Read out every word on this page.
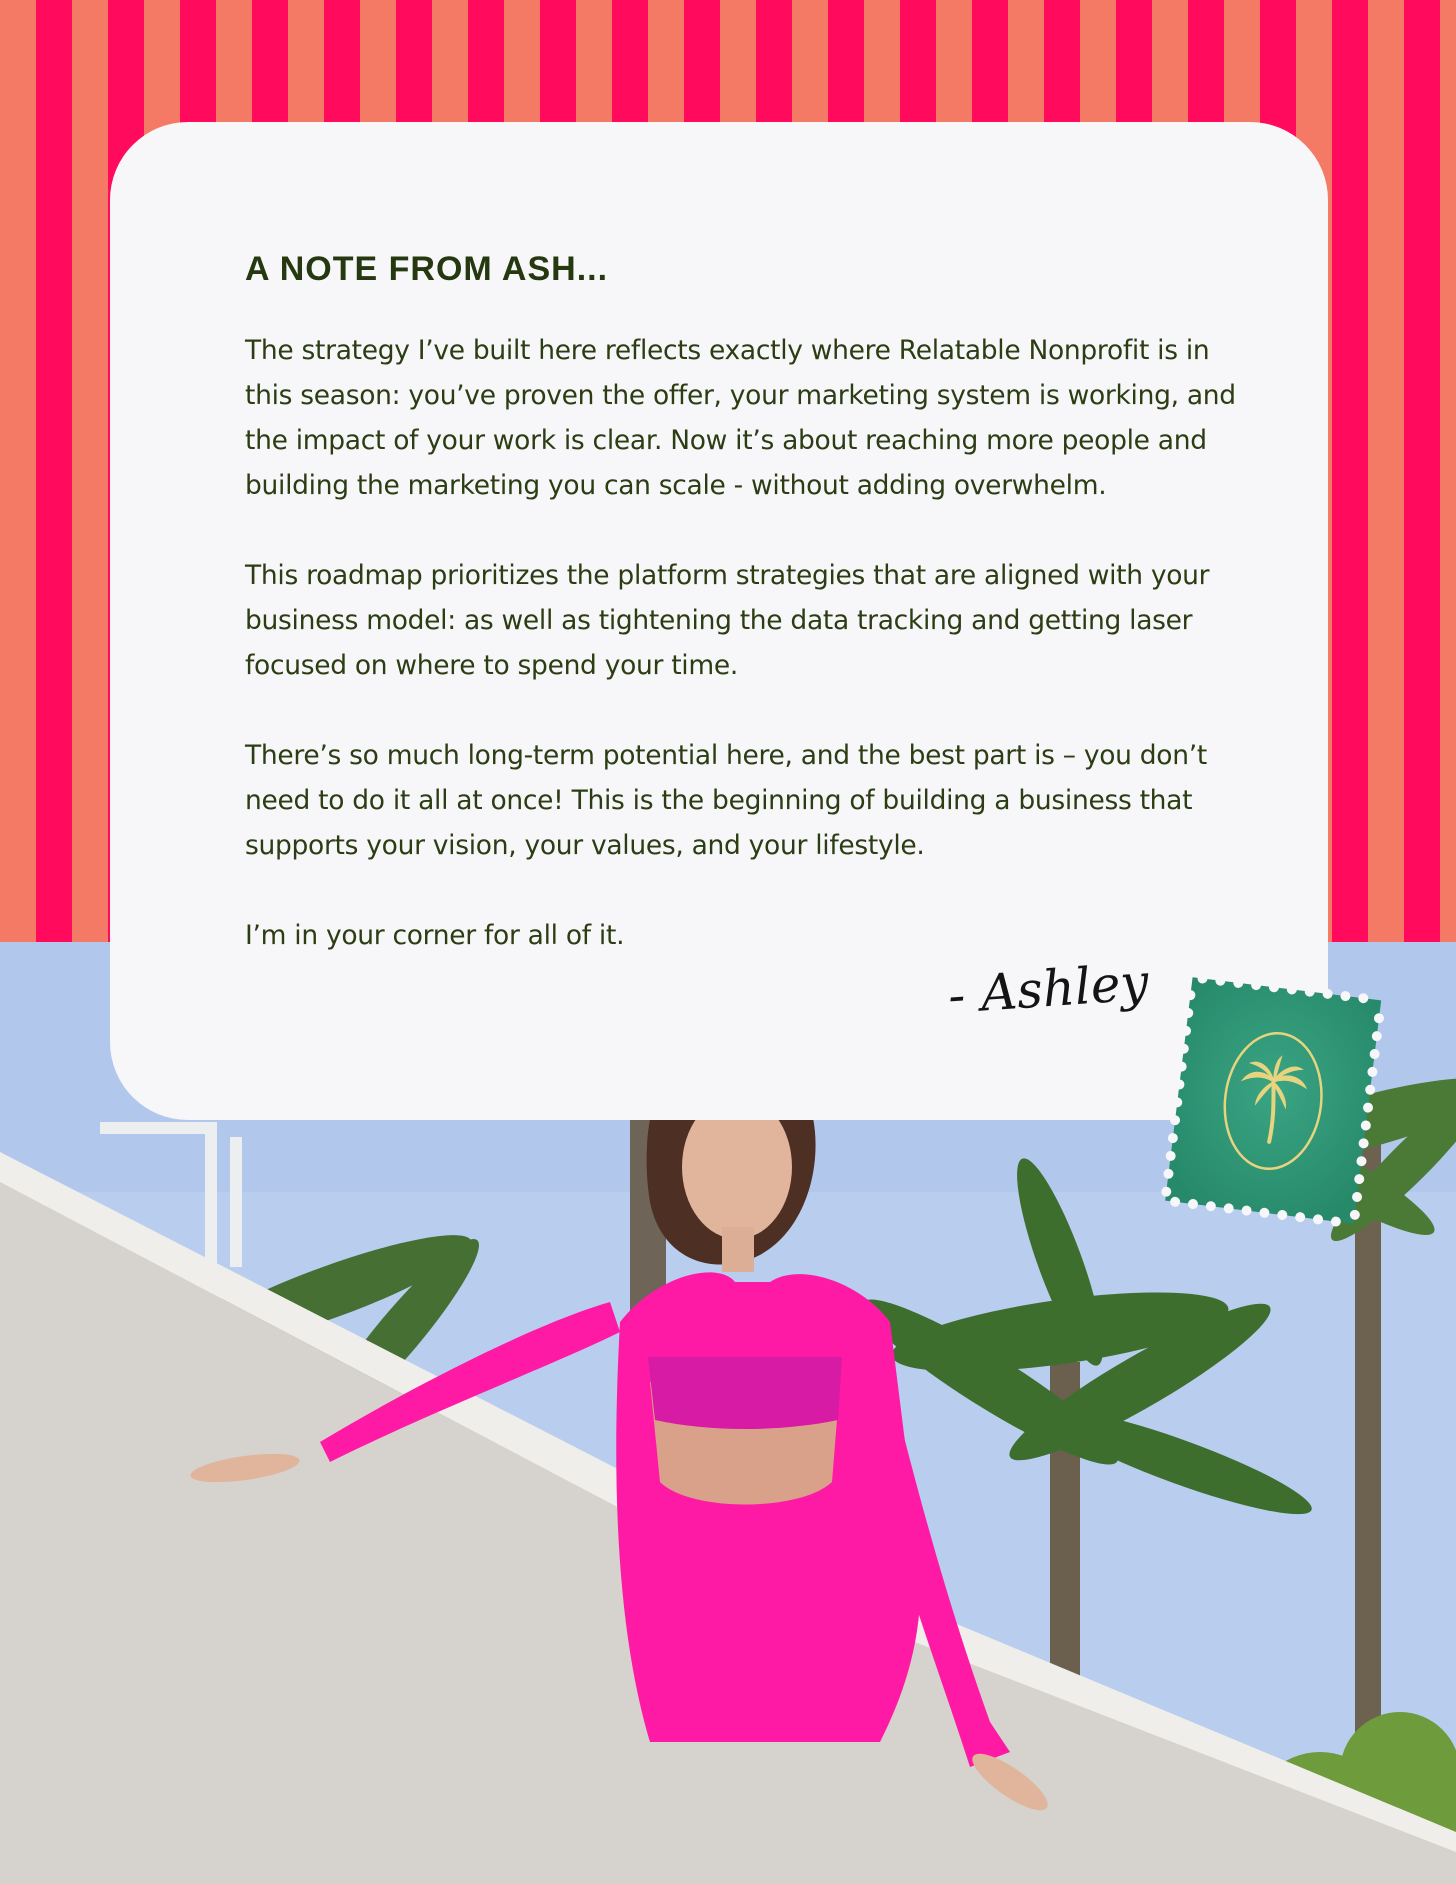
A NOTE FROM ASH...

The strategy I’ve built here reflects exactly where Relatable Nonprofit is in this season: you’ve proven the offer, your marketing system is working, and the impact of your work is clear. Now it’s about reaching more people and building the marketing you can scale - without adding overwhelm.

This roadmap prioritizes the platform strategies that are aligned with your business model: as well as tightening the data tracking and getting laser focused on where to spend your time.

There’s so much long-term potential here, and the best part is – you don’t need to do it all at once! This is the beginning of building a business that supports your vision, your values, and your lifestyle.

I’m in your corner for all of it.

- Ashley
